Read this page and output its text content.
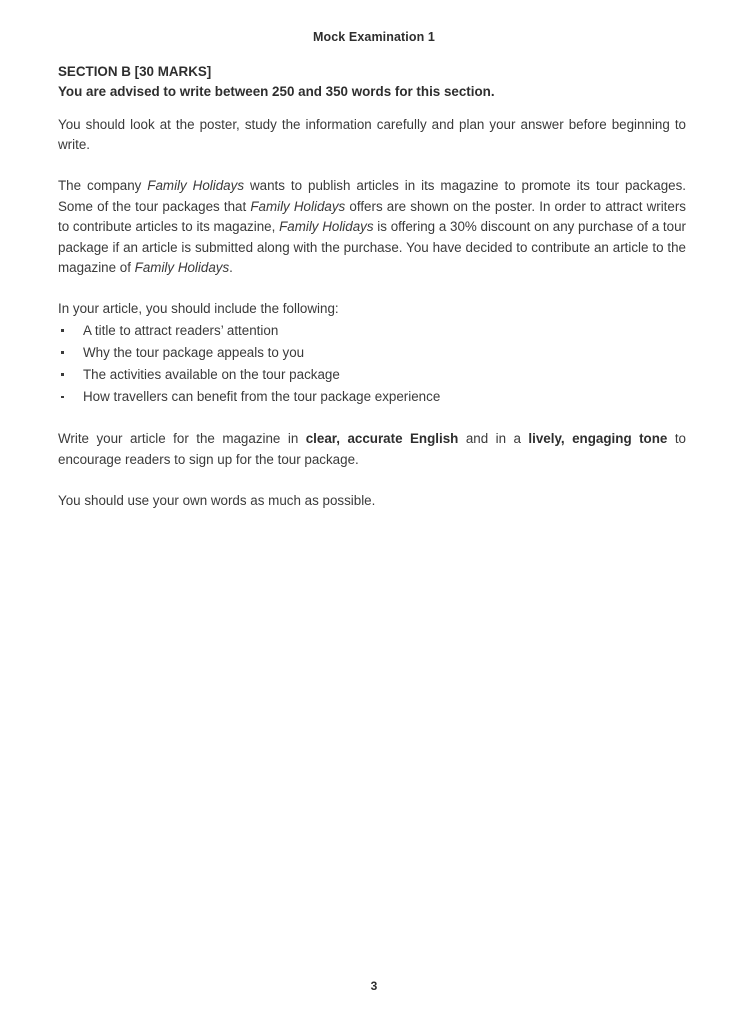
Mock Examination 1
SECTION B [30 MARKS]
You are advised to write between 250 and 350 words for this section.

You should look at the poster, study the information carefully and plan your answer before beginning to write.

The company Family Holidays wants to publish articles in its magazine to promote its tour packages. Some of the tour packages that Family Holidays offers are shown on the poster. In order to attract writers to contribute articles to its magazine, Family Holidays is offering a 30% discount on any purchase of a tour package if an article is submitted along with the purchase. You have decided to contribute an article to the magazine of Family Holidays.

In your article, you should include the following:

A title to attract readers’ attention
Why the tour package appeals to you
The activities available on the tour package
How travellers can benefit from the tour package experience

Write your article for the magazine in clear, accurate English and in a lively, engaging tone to encourage readers to sign up for the tour package.

You should use your own words as much as possible.

3
